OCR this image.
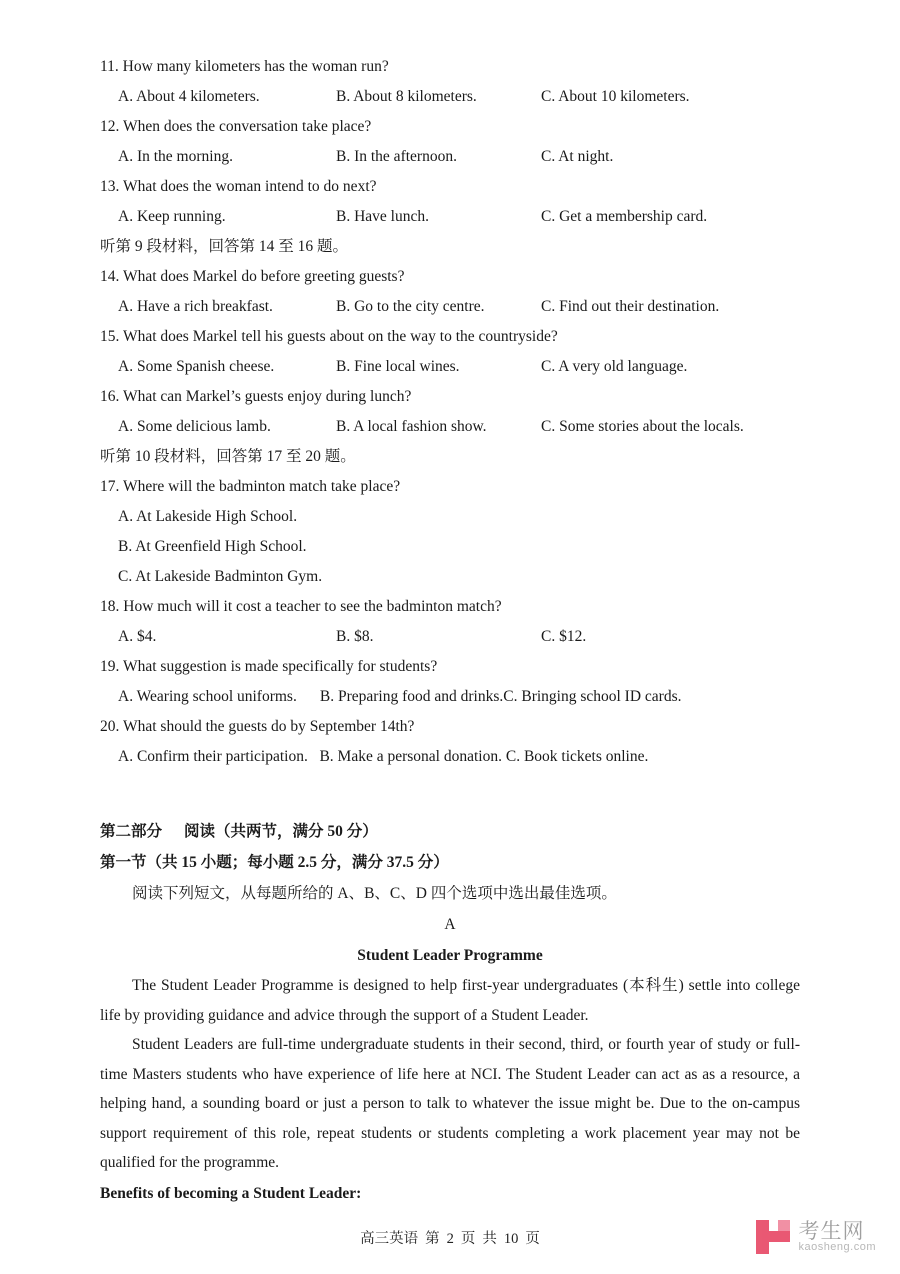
11. How many kilometers has the woman run?
A. About 4 kilometers.	B. About 8 kilometers.	C. About 10 kilometers.
12. When does the conversation take place?
A. In the morning.	B. In the afternoon.	C. At night.
13. What does the woman intend to do next?
A. Keep running.	B. Have lunch.	C. Get a membership card.
听第 9 段材料，回答第 14 至 16 题。
14. What does Markel do before greeting guests?
A. Have a rich breakfast.	B. Go to the city centre.	C. Find out their destination.
15. What does Markel tell his guests about on the way to the countryside?
A. Some Spanish cheese.	B. Fine local wines.	C. A very old language.
16. What can Markel’s guests enjoy during lunch?
A. Some delicious lamb.	B. A local fashion show.	C. Some stories about the locals.
听第 10 段材料，回答第 17 至 20 题。
17. Where will the badminton match take place?
A. At Lakeside High School.
B. At Greenfield High School.
C. At Lakeside Badminton Gym.
18. How much will it cost a teacher to see the badminton match?
A. $4.	B. $8.	C. $12.
19. What suggestion is made specifically for students?
A. Wearing school uniforms. B. Preparing food and drinks.C. Bringing school ID cards.
20. What should the guests do by September 14th?
A. Confirm their participation. B. Make a personal donation. C. Book tickets online.
第二部分 阅读（共两节，满分 50 分）
第一节（共 15 小题；每小题 2.5 分，满分 37.5 分）
阅读下列短文，从每题所给的 A、B、C、D 四个选项中选出最佳选项。
A
Student Leader Programme
The Student Leader Programme is designed to help first-year undergraduates (本科生) settle into college life by providing guidance and advice through the support of a Student Leader.
Student Leaders are full-time undergraduate students in their second, third, or fourth year of study or full-time Masters students who have experience of life here at NCI. The Student Leader can act as as a resource, a helping hand, a sounding board or just a person to talk to whatever the issue might be. Due to the on-campus support requirement of this role, repeat students or students completing a work placement year may not be qualified for the programme.
Benefits of becoming a Student Leader:
高三英语 第 2 页 共 10 页	考生网
kaosheng.com
